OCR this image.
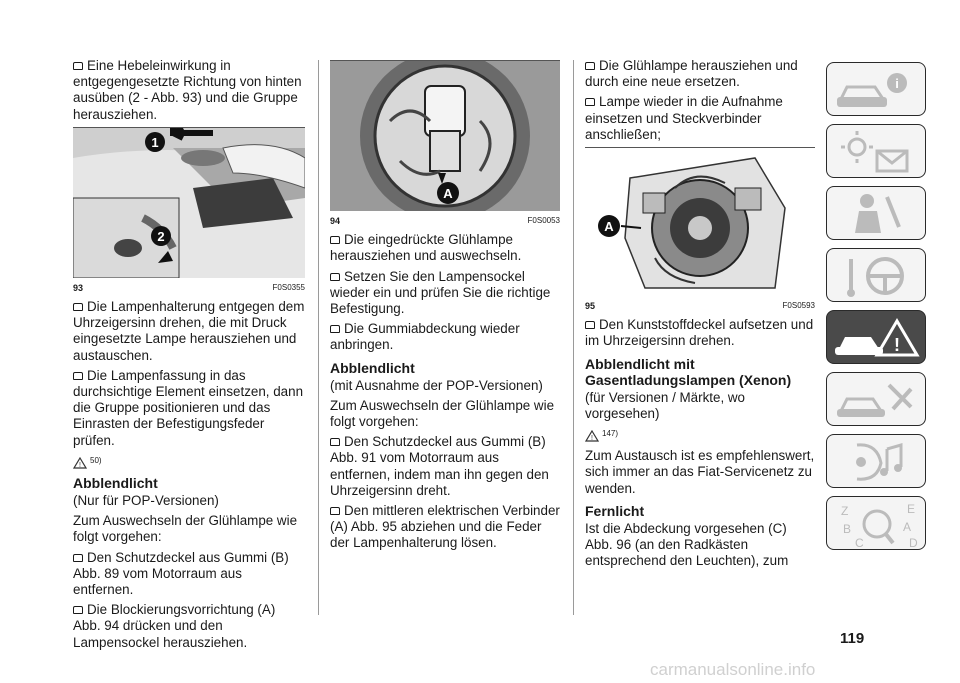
Eine Hebeleinwirkung in entgegengesetzte Richtung von hinten ausüben (2 - Abb. 93) und die Gruppe herausziehen.

1
2
93	F0S0355

Die Lampenhalterung entgegen dem Uhrzeigersinn drehen, die mit Druck eingesetzte Lampe herausziehen und austauschen.

Die Lampenfassung in das durchsichtige Element einsetzen, dann die Gruppe positionieren und das Einrasten der Befestigungsfeder prüfen.

!
50)
Abblendlicht

(Nur für POP-Versionen)

Zum Auswechseln der Glühlampe wie folgt vorgehen:

Den Schutzdeckel aus Gummi (B) Abb. 89 vom Motorraum aus entfernen.

Die Blockierungsvorrichtung (A) Abb. 94 drücken und den Lampensockel herausziehen.

A
94	F0S0053

Die eingedrückte Glühlampe herausziehen und auswechseln.

Setzen Sie den Lampensockel wieder ein und prüfen Sie die richtige Befestigung.

Die Gummiabdeckung wieder anbringen.

Abblendlicht

(mit Ausnahme der POP-Versionen)

Zum Auswechseln der Glühlampe wie folgt vorgehen:

Den Schutzdeckel aus Gummi (B) Abb. 91 vom Motorraum aus entfernen, indem man ihn gegen den Uhrzeigersinn dreht.

Den mittleren elektrischen Verbinder (A) Abb. 95 abziehen und die Feder der Lampenhalterung lösen.

Die Glühlampe herausziehen und durch eine neue ersetzen.

Lampe wieder in die Aufnahme einsetzen und Steckverbinder anschließen;

A
95	F0S0593

Den Kunststoffdeckel aufsetzen und im Uhrzeigersinn drehen.

Abblendlicht mit Gasentladungslampen (Xenon)

(für Versionen / Märkte, wo vorgesehen)

!
147)

Zum Austausch ist es empfehlenswert, sich immer an das Fiat-Servicenetz zu wenden.

Fernlicht

Ist die Abdeckung vorgesehen (C) Abb. 96 (an den Radkästen entsprechend den Leuchten), zum

i
!
Z	E
A
B
C	D
119
carmanualsonline.info
